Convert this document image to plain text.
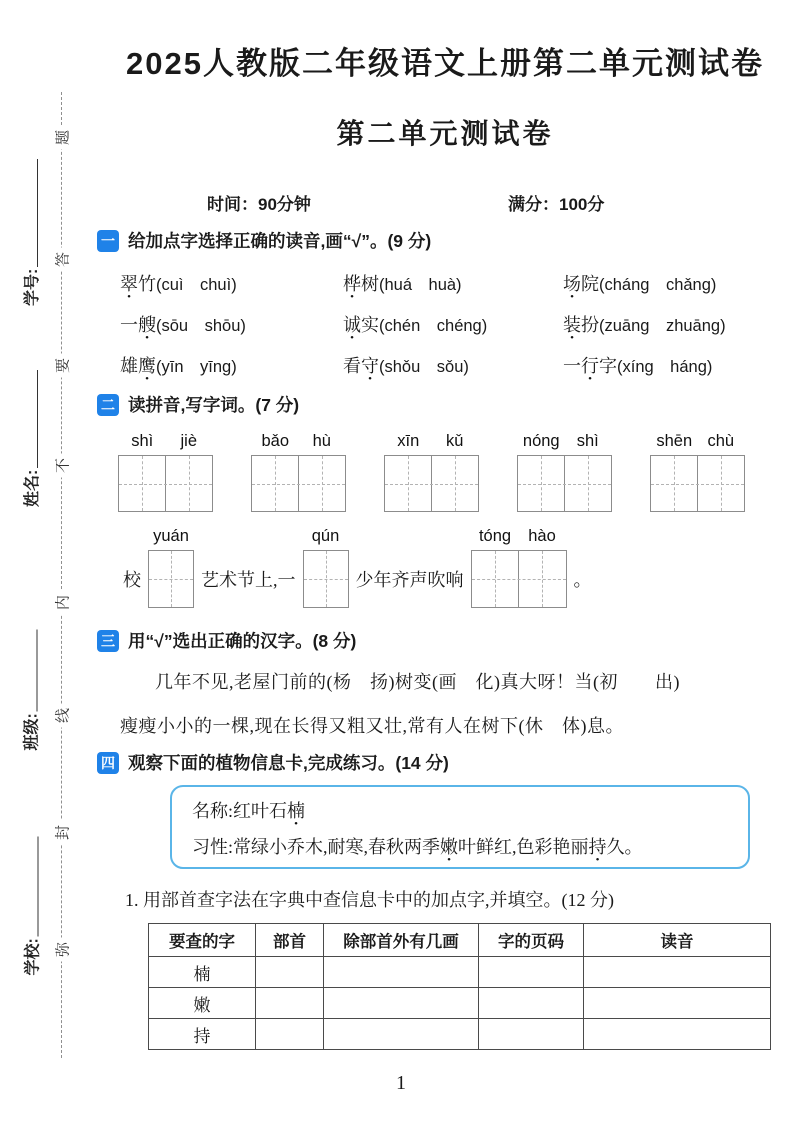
题
答
要
不
内
线
封
弥
学号:
姓名:
班级:
学校:
2025人教版二年级语文上册第二单元测试卷
第二单元测试卷
时间：90分钟	满分：100分
一 给加点字选择正确的读音,画“√”。(9 分)
翠竹(cuì chuì)	桦树(huá huà)	场院(cháng chǎng)
一艘(sōu shōu)	诚实(chén chéng)	装扮(zuāng zhuāng)
雄鹰(yīn yīng)	看守(shǒu sǒu)	一行字(xíng háng)
二 读拼音,写字词。(7 分)
shì	jiè	bǎo	hù	xīn	kǔ	nóng	shì	shēn chù
校
yuán
艺术节上,一
qún
少年齐声吹响
tóng	hào
。
三 用“√”选出正确的汉字。(8 分)
几年不见,老屋门前的(杨 扬)树变(画 化)真大呀！当(初  出)
瘦瘦小小的一棵,现在长得又粗又壮,常有人在树下(休 体)息。
四 观察下面的植物信息卡,完成练习。(14 分)
名称:红叶石楠
习性:常绿小乔木,耐寒,春秋两季嫩叶鲜红,色彩艳丽持久。
1. 用部首查字法在字典中查信息卡中的加点字,并填空。(12 分)
要查的字	部首	除部首外有几画	字的页码	读音
楠				
嫩				
持				
1
